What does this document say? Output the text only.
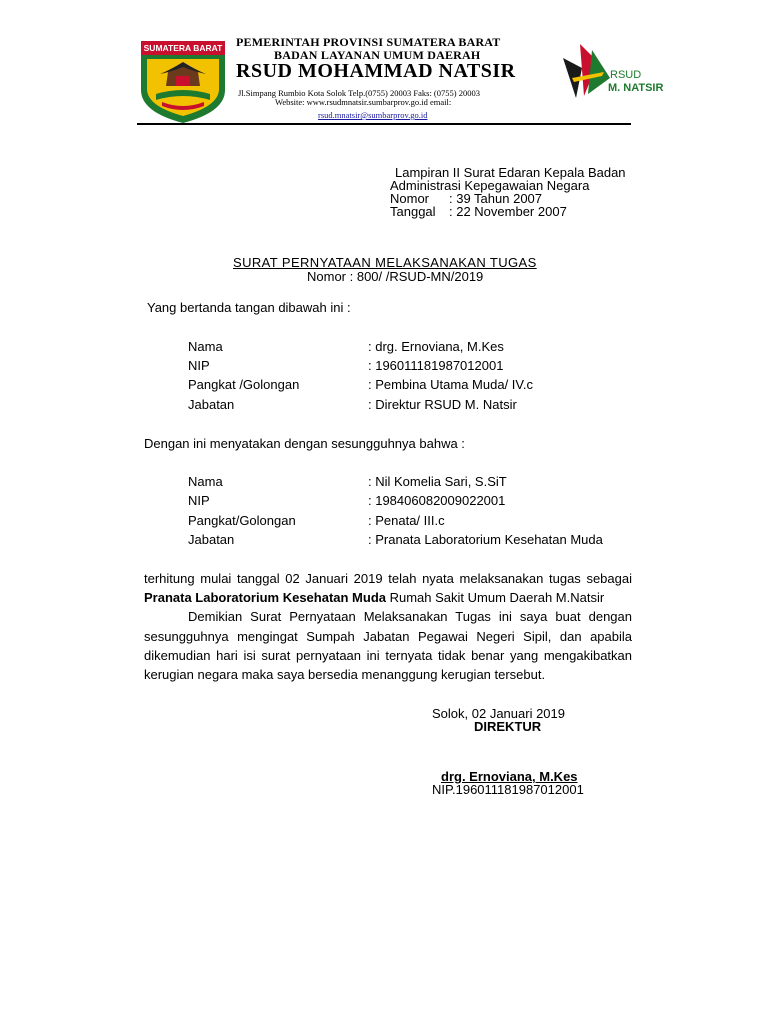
SUMATERA BARAT PEMERINTAH PROVINSI SUMATERA BARAT
BADAN LAYANAN UMUM DAERAH
RSUD MOHAMMAD NATSIR
Jl.Simpang Rumbio Kota Solok Telp.(0755) 20003 Faks: (0755) 20003
Website: www.rsudmnatsir.sumbarprov.go.id email:
rsud.mnatsir@sumbarprov.go.id
RSUD
M. NATSIR
Lampiran II Surat Edaran Kepala Badan
Administrasi Kepegawaian Negara
Nomor : 39 Tahun 2007
Tanggal : 22 November 2007
SURAT PERNYATAAN MELAKSANAKAN TUGAS
Nomor : 800/ /RSUD-MN/2019
Yang bertanda tangan dibawah ini :
Nama	: drg. Ernoviana, M.Kes
NIP	: 196011181987012001
Pangkat /Golongan	: Pembina Utama Muda/ IV.c
Jabatan	: Direktur RSUD M. Natsir
Dengan ini menyatakan dengan sesungguhnya bahwa :
Nama	: Nil Komelia Sari, S.SiT
NIP	: 198406082009022001
Pangkat/Golongan	: Penata/ III.c
Jabatan	: Pranata Laboratorium Kesehatan Muda
terhitung mulai tanggal 02 Januari 2019 telah nyata melaksanakan tugas sebagai
Pranata Laboratorium Kesehatan Muda Rumah Sakit Umum Daerah M.Natsir
Demikian Surat Pernyataan Melaksanakan Tugas ini saya buat dengan
sesungguhnya mengingat Sumpah Jabatan Pegawai Negeri Sipil, dan apabila
dikemudian hari isi surat pernyataan ini ternyata tidak benar yang mengakibatkan
kerugian negara maka saya bersedia menanggung kerugian tersebut.
Solok, 02 Januari 2019
DIREKTUR
drg. Ernoviana, M.Kes
NIP.196011181987012001
